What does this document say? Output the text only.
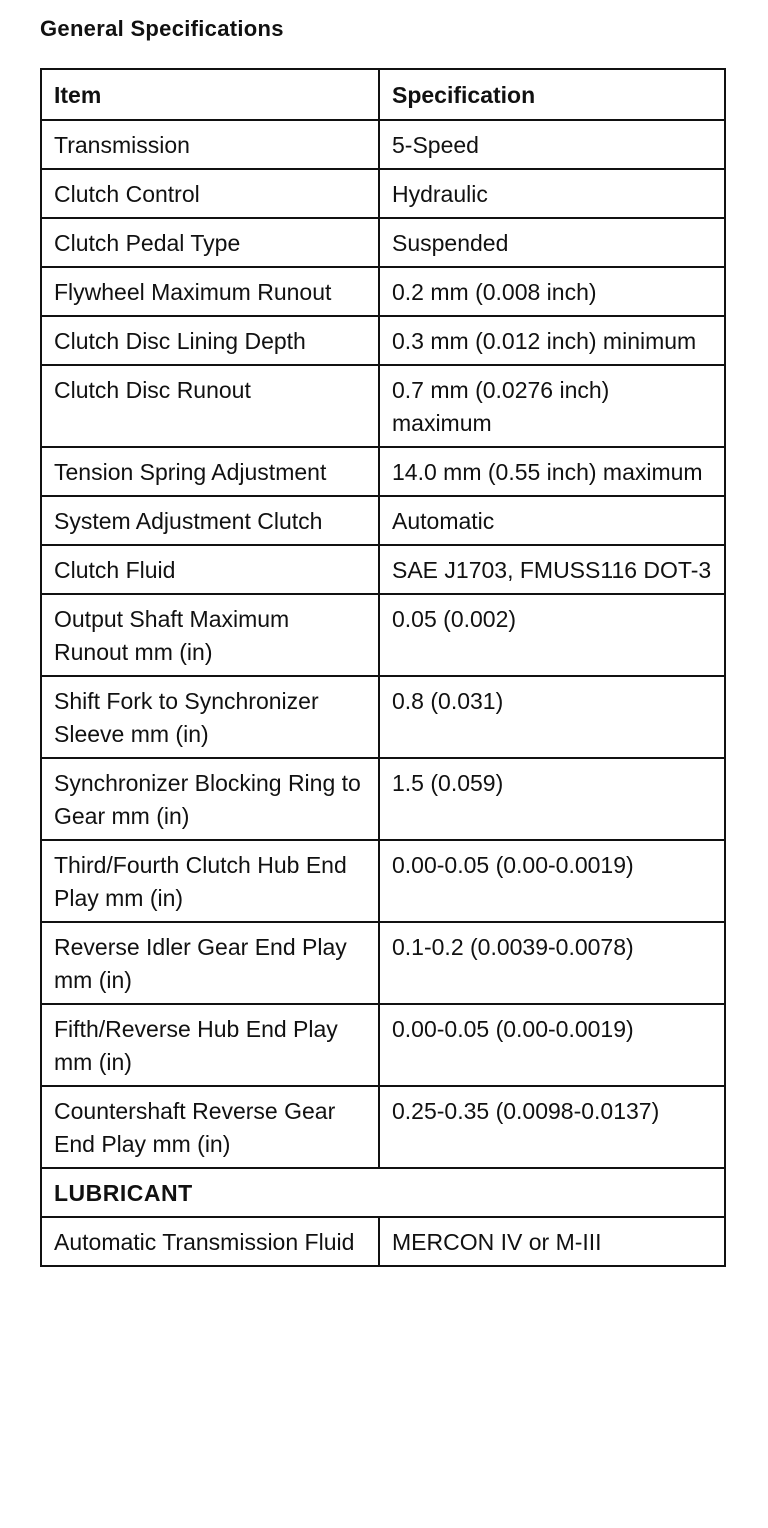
General Specifications
Item	Specification
Transmission	5-Speed
Clutch Control	Hydraulic
Clutch Pedal Type	Suspended
Flywheel Maximum Runout	0.2 mm (0.008 inch)
Clutch Disc Lining Depth	0.3 mm (0.012 inch) minimum
Clutch Disc Runout	0.7 mm (0.0276 inch) maximum
Tension Spring Adjustment	14.0 mm (0.55 inch) maximum
System Adjustment Clutch	Automatic
Clutch Fluid	SAE J1703, FMUSS116 DOT-3
Output Shaft Maximum Runout mm (in)	0.05 (0.002)
Shift Fork to Synchronizer Sleeve mm (in)	0.8 (0.031)
Synchronizer Blocking Ring to Gear mm (in)	1.5 (0.059)
Third/Fourth Clutch Hub End Play mm (in)	0.00-0.05 (0.00-0.0019)
Reverse Idler Gear End Play mm (in)	0.1-0.2 (0.0039-0.0078)
Fifth/Reverse Hub End Play mm (in)	0.00-0.05 (0.00-0.0019)
Countershaft Reverse Gear End Play mm (in)	0.25-0.35 (0.0098-0.0137)
LUBRICANT	
Automatic Transmission Fluid	MERCON IV or M-III
